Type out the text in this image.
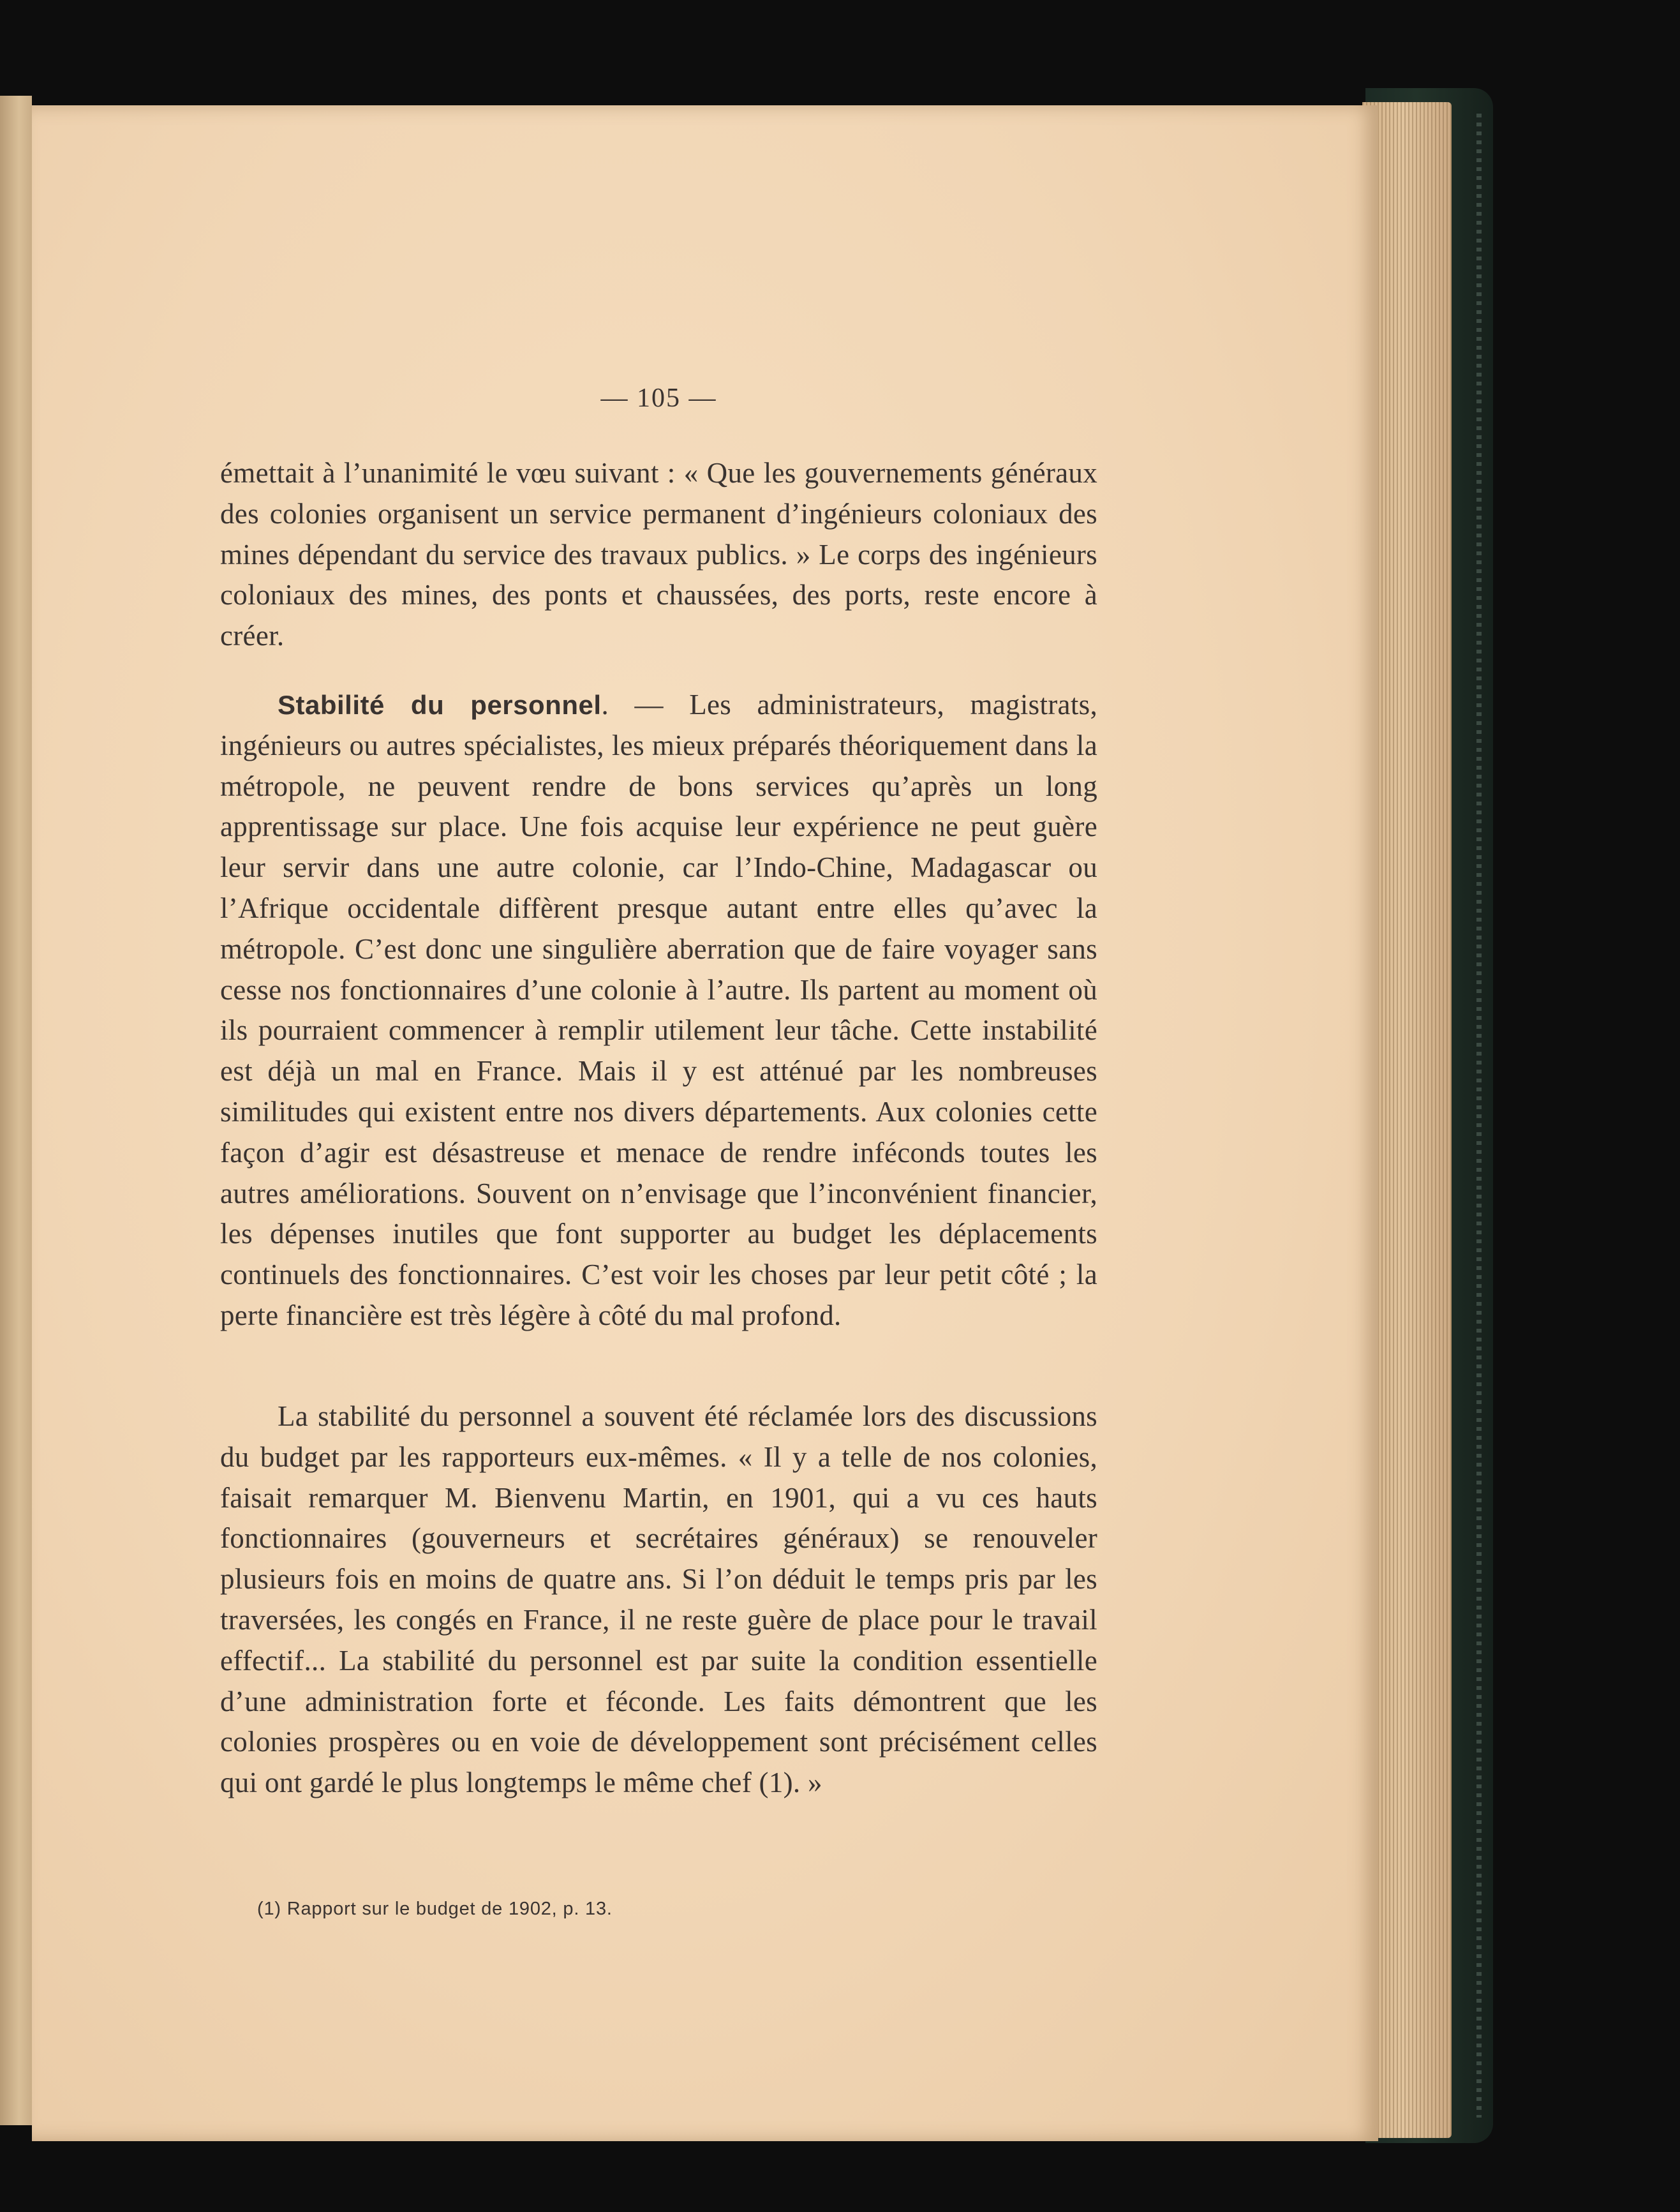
— 105 —

émettait à l’unanimité le vœu suivant : « Que les gouvernements généraux des colonies organisent un service permanent d’ingénieurs coloniaux des mines dépendant du service des travaux publics. » Le corps des ingénieurs coloniaux des mines, des ponts et chaussées, des ports, reste encore à créer.

Stabilité du personnel. — Les administrateurs, magistrats, ingénieurs ou autres spécialistes, les mieux préparés théoriquement dans la métropole, ne peuvent rendre de bons services qu’après un long apprentissage sur place. Une fois acquise leur expérience ne peut guère leur servir dans une autre colonie, car l’Indo-Chine, Madagascar ou l’Afrique occidentale diffèrent presque autant entre elles qu’avec la métropole. C’est donc une singulière aberration que de faire voyager sans cesse nos fonctionnaires d’une colonie à l’autre. Ils partent au moment où ils pourraient commencer à remplir utilement leur tâche. Cette instabilité est déjà un mal en France. Mais il y est atténué par les nombreuses similitudes qui existent entre nos divers départements. Aux colonies cette façon d’agir est désastreuse et menace de rendre inféconds toutes les autres améliorations. Souvent on n’envisage que l’inconvénient financier, les dépenses inutiles que font supporter au budget les déplacements continuels des fonctionnaires. C’est voir les choses par leur petit côté ; la perte financière est très légère à côté du mal profond.

La stabilité du personnel a souvent été réclamée lors des discussions du budget par les rapporteurs eux-mêmes. « Il y a telle de nos colonies, faisait remarquer M. Bienvenu Martin, en 1901, qui a vu ces hauts fonctionnaires (gouverneurs et secrétaires généraux) se renouveler plusieurs fois en moins de quatre ans. Si l’on déduit le temps pris par les traversées, les congés en France, il ne reste guère de place pour le travail effectif... La stabilité du personnel est par suite la condition essentielle d’une administration forte et féconde. Les faits démontrent que les colonies prospères ou en voie de développement sont précisément celles qui ont gardé le plus longtemps le même chef (1). »

(1) Rapport sur le budget de 1902, p. 13.
